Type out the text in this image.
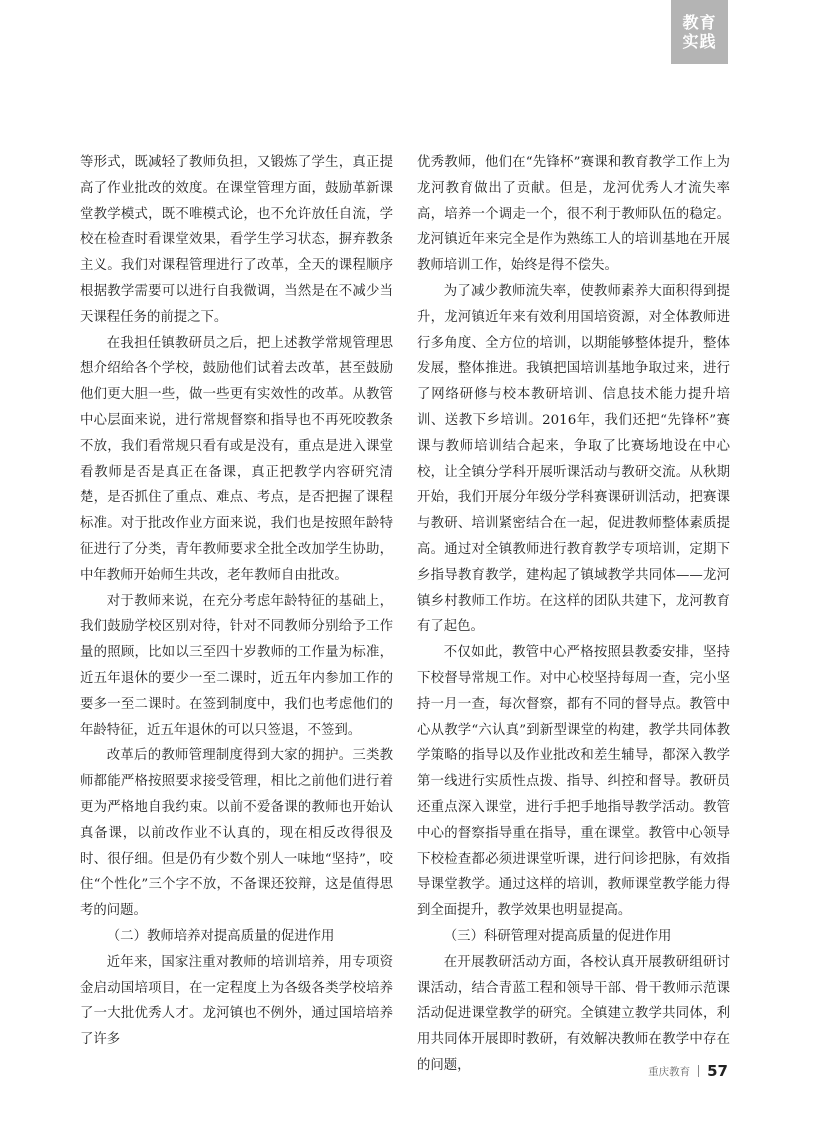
教育
实践

等形式，既减轻了教师负担，又锻炼了学生，真正提高了作业批改的效度。在课堂管理方面，鼓励革新课堂教学模式，既不唯模式论，也不允许放任自流，学校在检查时看课堂效果，看学生学习状态，摒弃教条主义。我们对课程管理进行了改革，全天的课程顺序根据教学需要可以进行自我微调，当然是在不减少当天课程任务的前提之下。

在我担任镇教研员之后，把上述教学常规管理思想介绍给各个学校，鼓励他们试着去改革，甚至鼓励他们更大胆一些，做一些更有实效性的改革。从教管中心层面来说，进行常规督察和指导也不再死咬教条不放，我们看常规只看有或是没有，重点是进入课堂看教师是否是真正在备课，真正把教学内容研究清楚，是否抓住了重点、难点、考点，是否把握了课程标准。对于批改作业方面来说，我们也是按照年龄特征进行了分类，青年教师要求全批全改加学生协助，中年教师开始师生共改，老年教师自由批改。

对于教师来说，在充分考虑年龄特征的基础上，我们鼓励学校区别对待，针对不同教师分别给予工作量的照顾，比如以三至四十岁教师的工作量为标准，近五年退休的要少一至二课时，近五年内参加工作的要多一至二课时。在签到制度中，我们也考虑他们的年龄特征，近五年退休的可以只签退，不签到。

改革后的教师管理制度得到大家的拥护。三类教师都能严格按照要求接受管理，相比之前他们进行着更为严格地自我约束。以前不爱备课的教师也开始认真备课，以前改作业不认真的，现在相反改得很及时、很仔细。但是仍有少数个别人一味地“坚持”，咬住“个性化”三个字不放，不备课还狡辩，这是值得思考的问题。

（二）教师培养对提高质量的促进作用

近年来，国家注重对教师的培训培养，用专项资金启动国培项目，在一定程度上为各级各类学校培养了一大批优秀人才。龙河镇也不例外，通过国培培养了许多

优秀教师，他们在“先锋杯”赛课和教育教学工作上为龙河教育做出了贡献。但是，龙河优秀人才流失率高，培养一个调走一个，很不利于教师队伍的稳定。龙河镇近年来完全是作为熟练工人的培训基地在开展教师培训工作，始终是得不偿失。

为了减少教师流失率，使教师素养大面积得到提升，龙河镇近年来有效利用国培资源，对全体教师进行多角度、全方位的培训，以期能够整体提升，整体发展，整体推进。我镇把国培训基地争取过来，进行了网络研修与校本教研培训、信息技术能力提升培训、送教下乡培训。2016年，我们还把“先锋杯”赛课与教师培训结合起来，争取了比赛场地设在中心校，让全镇分学科开展听课活动与教研交流。从秋期开始，我们开展分年级分学科赛课研训活动，把赛课与教研、培训紧密结合在一起，促进教师整体素质提高。通过对全镇教师进行教育教学专项培训，定期下乡指导教育教学，建构起了镇域教学共同体——龙河镇乡村教师工作坊。在这样的团队共建下，龙河教育有了起色。

不仅如此，教管中心严格按照县教委安排，坚持下校督导常规工作。对中心校坚持每周一查，完小坚持一月一查，每次督察，都有不同的督导点。教管中心从教学“六认真”到新型课堂的构建，教学共同体教学策略的指导以及作业批改和差生辅导，都深入教学第一线进行实质性点拨、指导、纠控和督导。教研员还重点深入课堂，进行手把手地指导教学活动。教管中心的督察指导重在指导，重在课堂。教管中心领导下校检查都必须进课堂听课，进行问诊把脉，有效指导课堂教学。通过这样的培训，教师课堂教学能力得到全面提升，教学效果也明显提高。

（三）科研管理对提高质量的促进作用

在开展教研活动方面，各校认真开展教研组研讨课活动，结合青蓝工程和领导干部、骨干教师示范课活动促进课堂教学的研究。全镇建立教学共同体，利用共同体开展即时教研，有效解决教师在教学中存在的问题，	重庆教育 57
